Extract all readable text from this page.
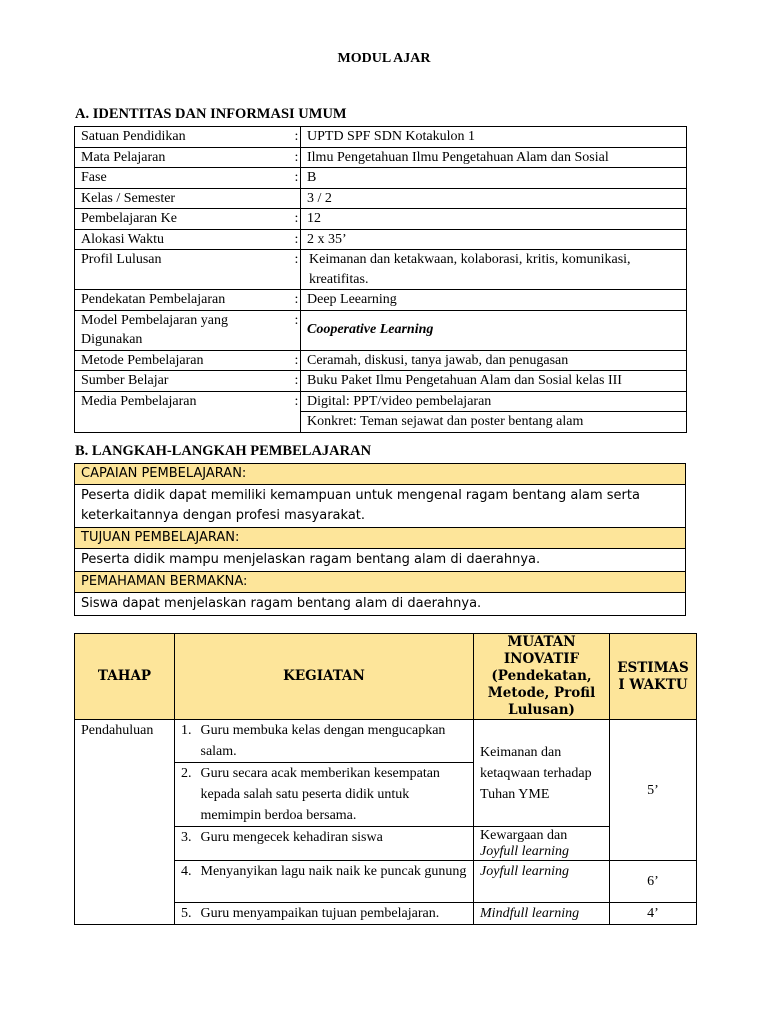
MODUL AJAR
A. IDENTITAS DAN INFORMASI UMUM
Satuan Pendidikan	:	UPTD SPF SDN Kotakulon 1
Mata Pelajaran	:	Ilmu Pengetahuan Ilmu Pengetahuan Alam dan Sosial
Fase	:	B
Kelas / Semester		3 / 2
Pembelajaran Ke	:	12
Alokasi Waktu	:	2 x 35’
Profil Lulusan	:	Keimanan dan ketakwaan, kolaborasi, kritis, komunikasi, kreatifitas.
Pendekatan Pembelajaran	:	Deep Leearning
Model Pembelajaran yang Digunakan	:	Cooperative Learning
Metode Pembelajaran	:	Ceramah, diskusi, tanya jawab, dan penugasan
Sumber Belajar	:	Buku Paket Ilmu Pengetahuan Alam dan Sosial kelas III
Media Pembelajaran	:	Digital: PPT/video pembelajaran
		Konkret: Teman sejawat dan poster bentang alam
B. LANGKAH-LANGKAH PEMBELAJARAN
CAPAIAN PEMBELAJARAN:
Peserta didik dapat memiliki kemampuan untuk mengenal ragam bentang alam serta keterkaitannya dengan profesi masyarakat.
TUJUAN PEMBELAJARAN:
Peserta didik mampu menjelaskan ragam bentang alam di daerahnya.
PEMAHAMAN BERMAKNA:
Siswa dapat menjelaskan ragam bentang alam di daerahnya.
TAHAP	KEGIATAN		MUATAN INOVATIF (Pendekatan, Metode, Profil Lulusan)	ESTIMAS I WAKTU
Pendahuluan	1.	Guru membuka kelas dengan mengucapkan salam.	Keimanan dan ketaqwaan terhadap Tuhan YME	5’
	2.	Guru secara acak memberikan kesempatan kepada salah satu peserta didik untuk memimpin berdoa bersama.		
	3.	Guru mengecek kehadiran siswa	Kewargaan dan
Joyfull learning	

	4.	Menyanyikan lagu naik naik ke puncak gunung	Joyfull learning	6’
	5.	Guru menyampaikan tujuan pembelajaran.	Mindfull learning	4’
